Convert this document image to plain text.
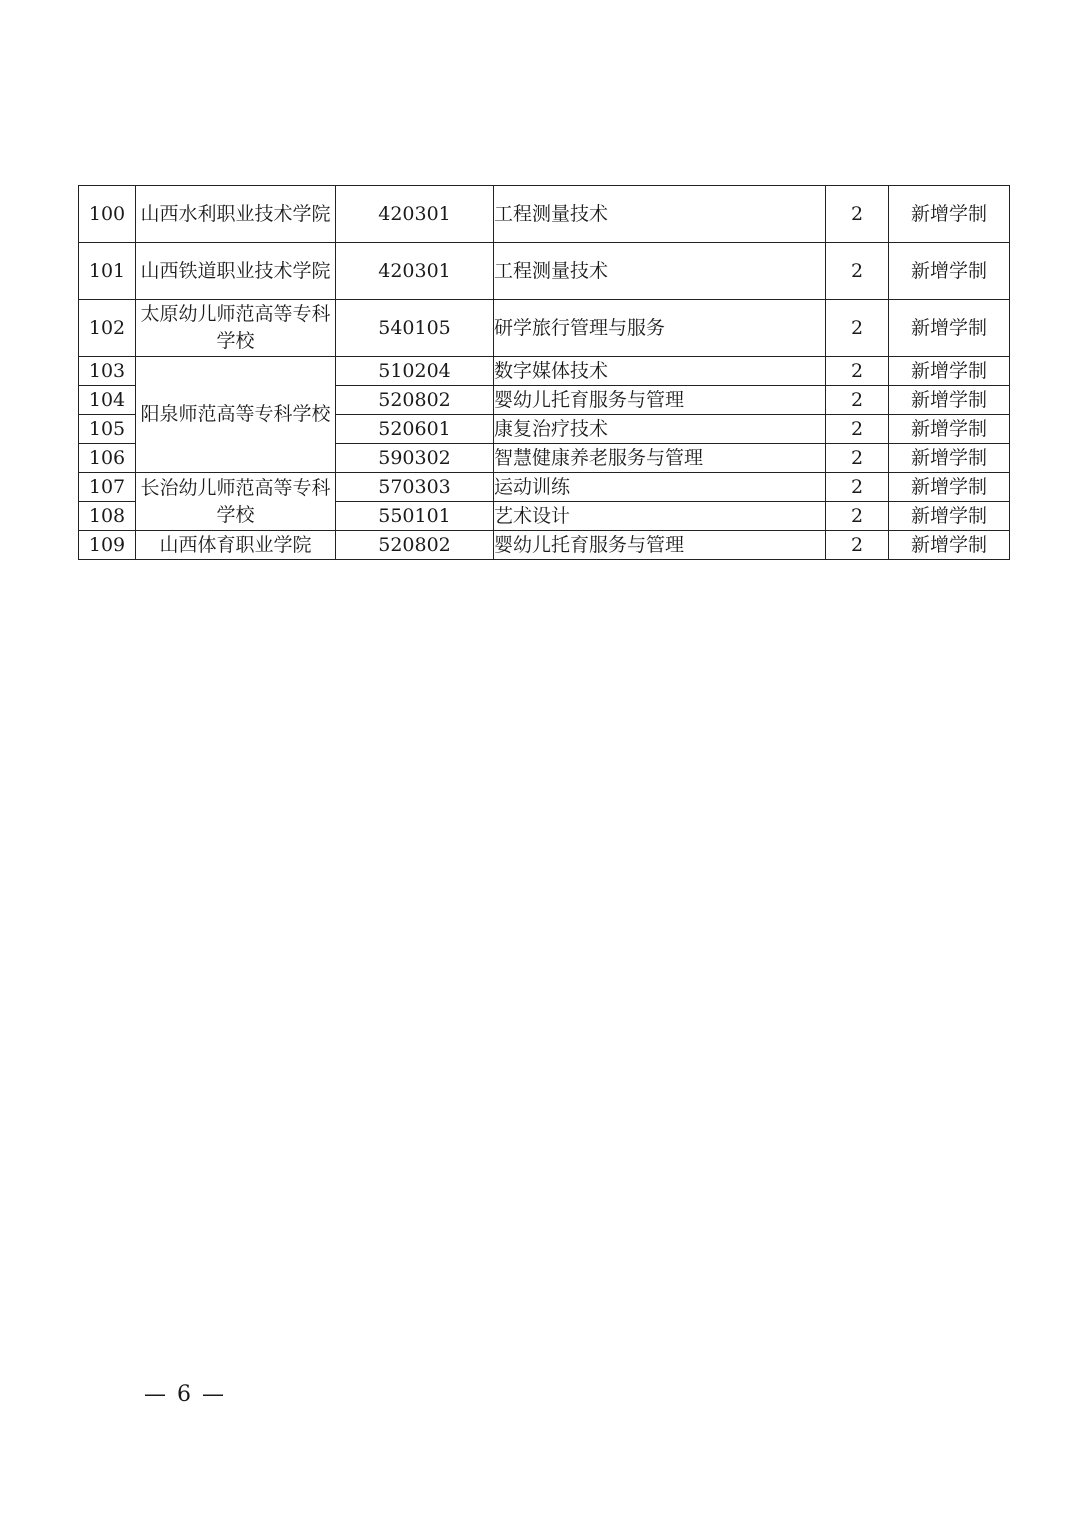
100	山西水利职业技术学院	420301	工程测量技术	2	新增学制
101	山西铁道职业技术学院	420301	工程测量技术	2	新增学制
102	太原幼儿师范高等专科学校	540105	研学旅行管理与服务	2	新增学制
103	阳泉师范高等专科学校	510204	数字媒体技术	2	新增学制
104		520802	婴幼儿托育服务与管理	2	新增学制
105		520601	康复治疗技术	2	新增学制
106		590302	智慧健康养老服务与管理	2	新增学制
107	长治幼儿师范高等专科学校	570303	运动训练	2	新增学制
108		550101	艺术设计	2	新增学制
109	山西体育职业学院	520802	婴幼儿托育服务与管理	2	新增学制
— 6 —
